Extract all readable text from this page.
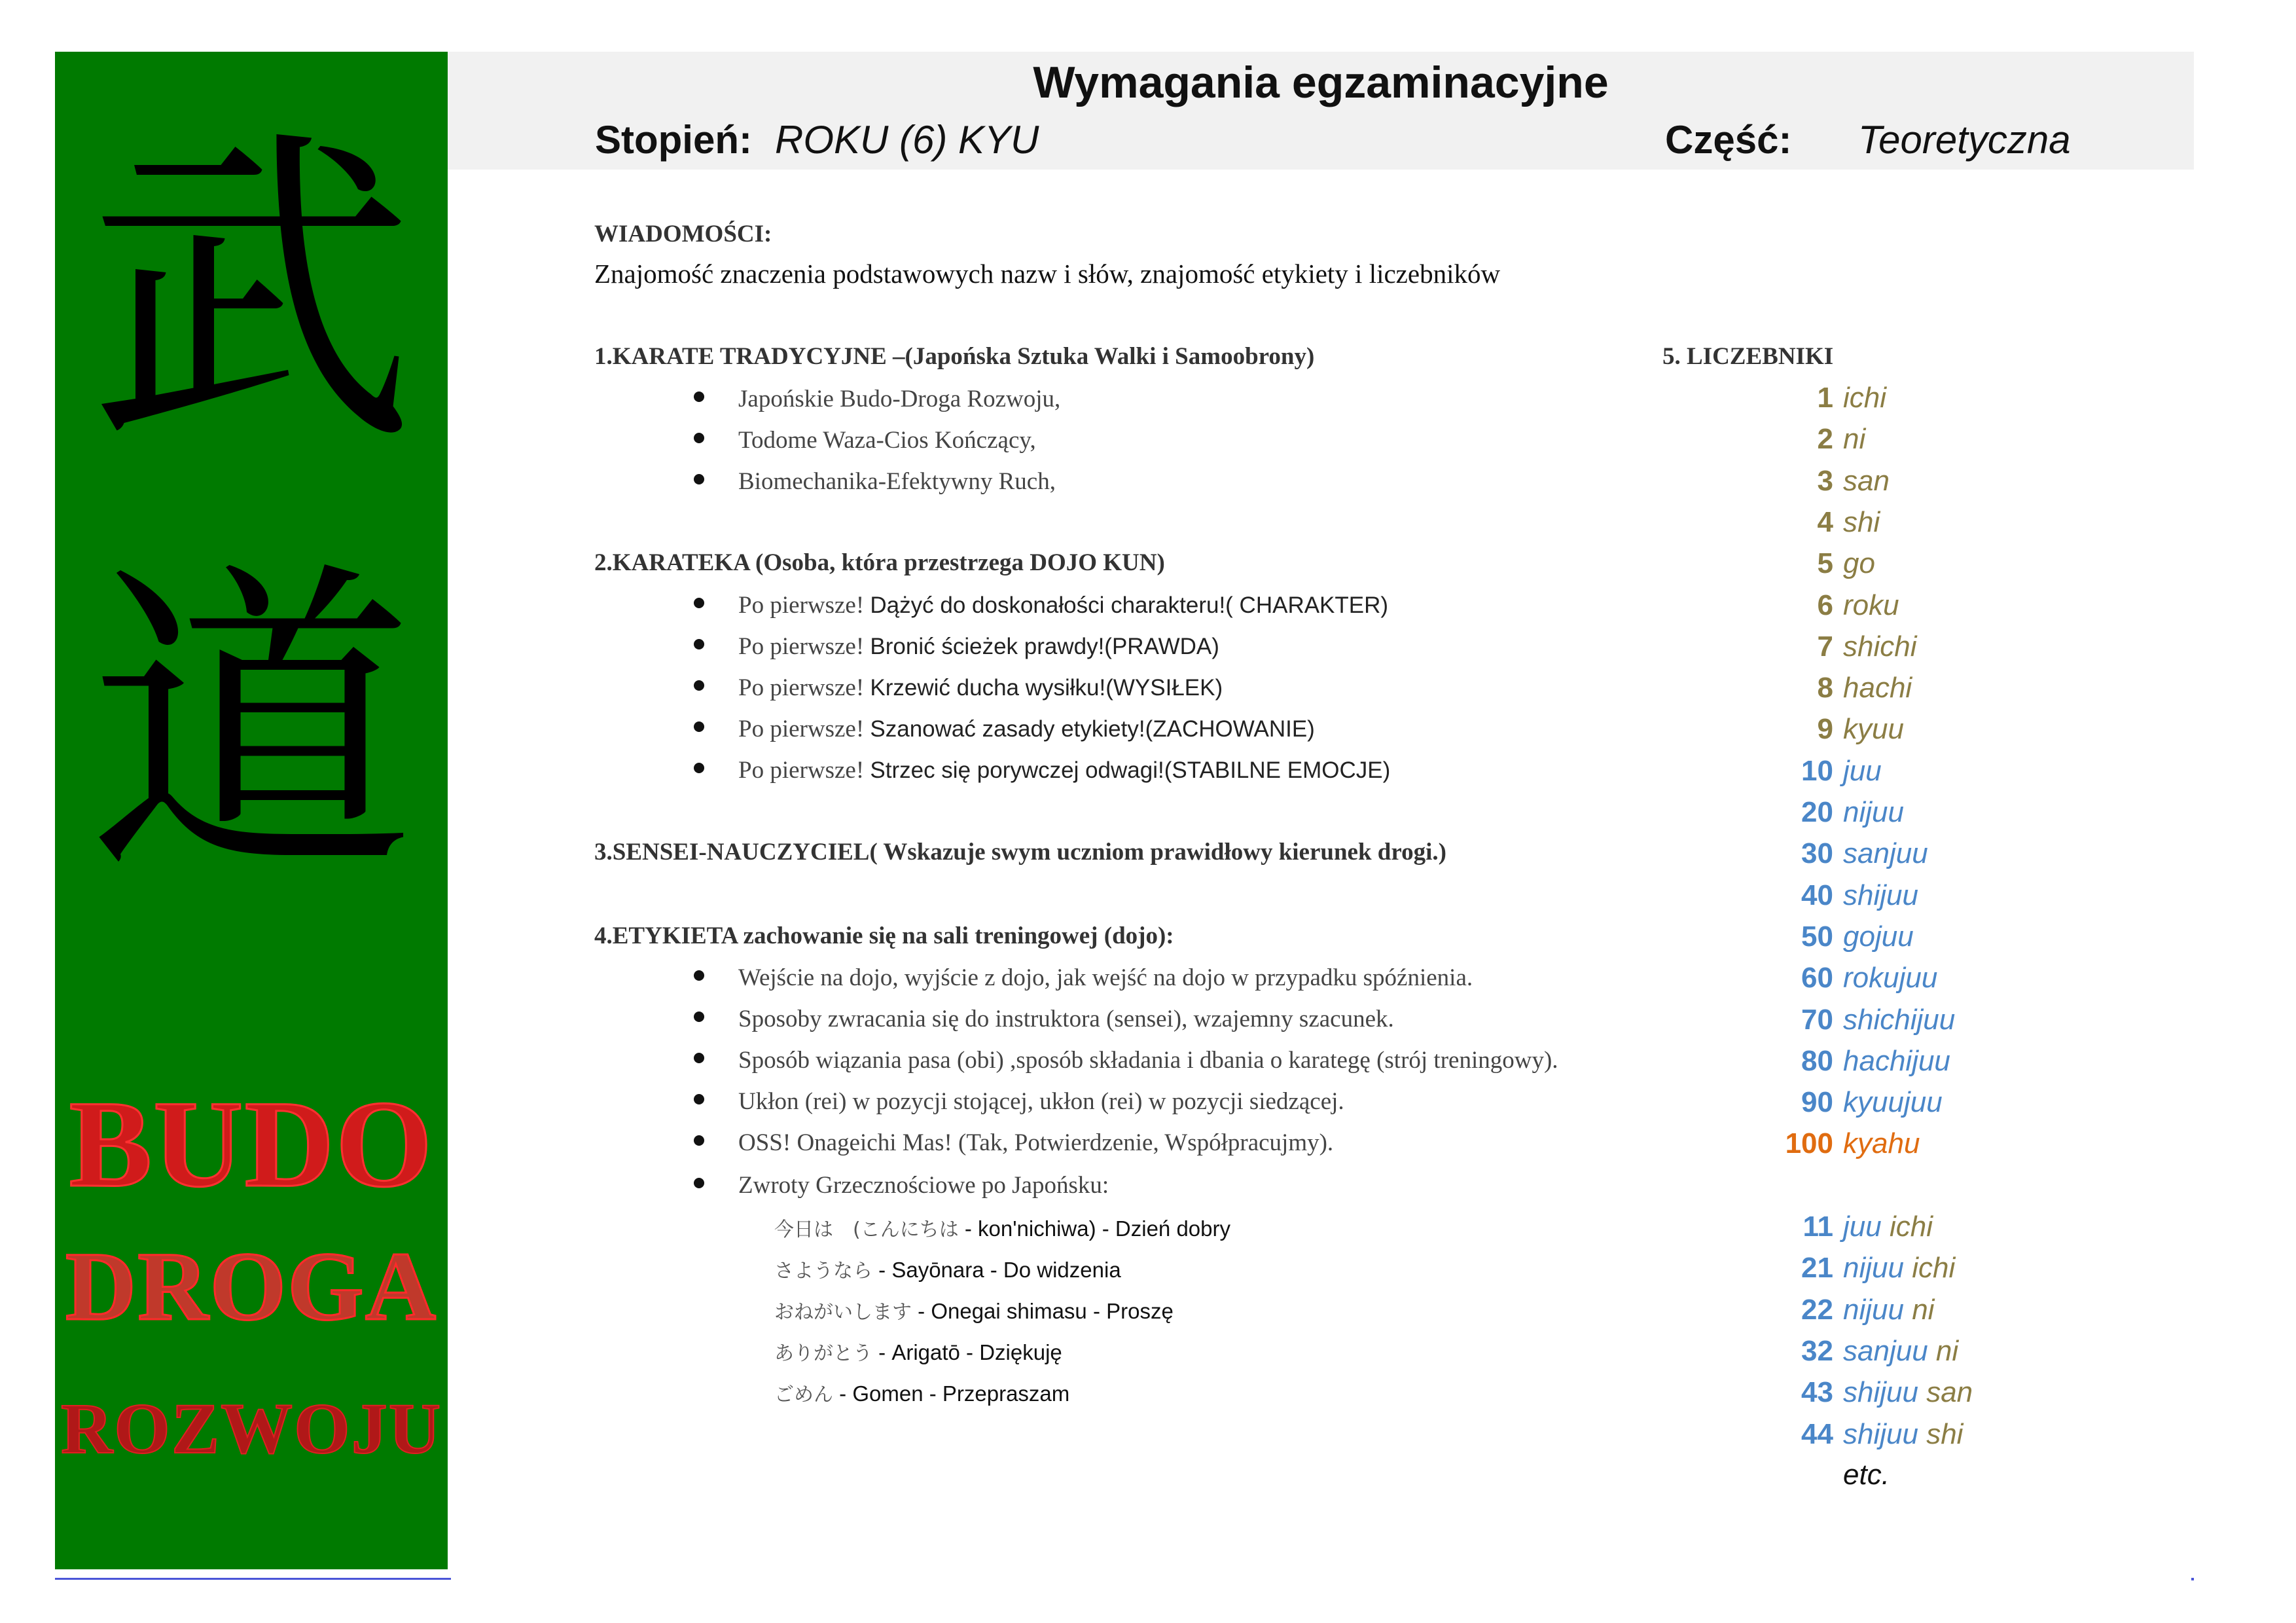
武
道
BUDO
DROGA
ROZWOJU
Wymagania egzaminacyjne
Stopień: ROKU (6) KYU	Część: Teoretyczna
WIADOMOŚCI:
Znajomość znaczenia podstawowych nazw i słów, znajomość etykiety i liczebników
1.KARATE TRADYCYJNE –(Japońska Sztuka Walki i Samoobrony)
Japońskie Budo-Droga Rozwoju,
Todome Waza-Cios Kończący,
Biomechanika-Efektywny Ruch,
2.KARATEKA (Osoba, która przestrzega DOJO KUN)
Po pierwsze! Dążyć do doskonałości charakteru!( CHARAKTER)
Po pierwsze! Bronić ścieżek prawdy!(PRAWDA)
Po pierwsze! Krzewić ducha wysiłku!(WYSIŁEK)
Po pierwsze! Szanować zasady etykiety!(ZACHOWANIE)
Po pierwsze! Strzec się porywczej odwagi!(STABILNE EMOCJE)
3.SENSEI-NAUCZYCIEL( Wskazuje swym uczniom prawidłowy kierunek drogi.)
4.ETYKIETA zachowanie się na sali treningowej (dojo):
Wejście na dojo, wyjście z dojo, jak wejść na dojo w przypadku spóźnienia.
Sposoby zwracania się do instruktora (sensei), wzajemny szacunek.
Sposób wiązania pasa (obi) ,sposób składania i dbania o karategę (strój treningowy).
Ukłon (rei) w pozycji stojącej, ukłon (rei) w pozycji siedzącej.
OSS! Onageichi Mas! (Tak, Potwierdzenie, Współpracujmy).
Zwroty Grzecznościowe po Japońsku:
今日は　(こんにちは - kon'nichiwa) - Dzień dobry
さようなら - Sayōnara - Do widzenia
おねがいします - Onegai shimasu - Proszę
ありがとう - Arigatō - Dziękuję
ごめん - Gomen - Przepraszam
5. LICZEBNIKI
1 ichi
2 ni
3 san
4 shi
5 go
6 roku
7 shichi
8 hachi
9 kyuu
10 juu
20 nijuu
30 sanjuu
40 shijuu
50 gojuu
60 rokujuu
70 shichijuu
80 hachijuu
90 kyuujuu
100 kyahu
11 juu ichi
21 nijuu ichi
22 nijuu ni
32 sanjuu ni
43 shijuu san
44 shijuu shi
etc.
